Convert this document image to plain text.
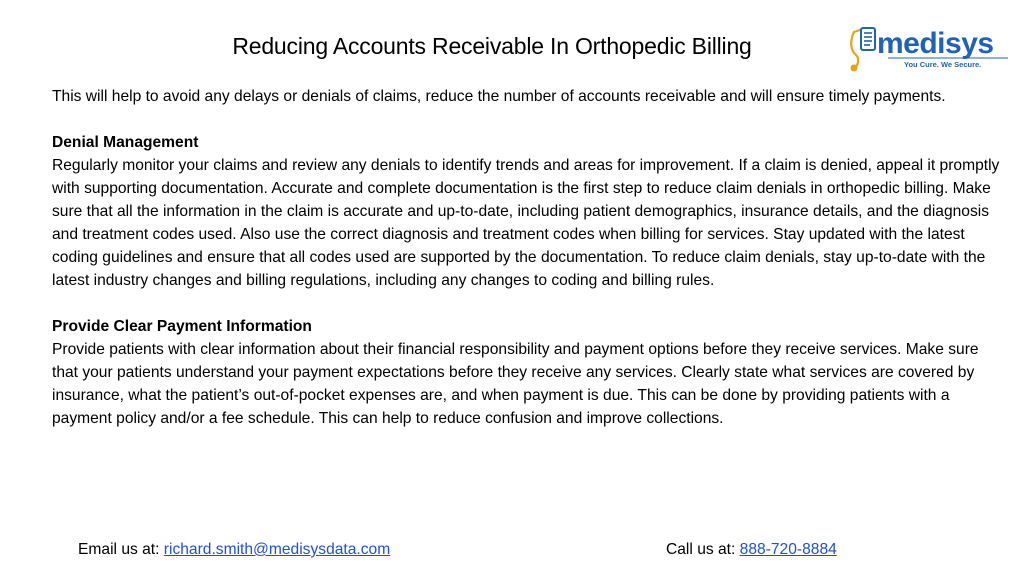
Reducing Accounts Receivable In Orthopedic Billing	medisys
You Cure. We Secure.

This will help to avoid any delays or denials of claims, reduce the number of accounts receivable and will ensure timely payments.

Denial Management

Regularly monitor your claims and review any denials to identify trends and areas for improvement. If a claim is denied, appeal it promptly with supporting documentation. Accurate and complete documentation is the first step to reduce claim denials in orthopedic billing. Make sure that all the information in the claim is accurate and up-to-date, including patient demographics, insurance details, and the diagnosis and treatment codes used. Also use the correct diagnosis and treatment codes when billing for services. Stay updated with the latest coding guidelines and ensure that all codes used are supported by the documentation. To reduce claim denials, stay up-to-date with the latest industry changes and billing regulations, including any changes to coding and billing rules.

Provide Clear Payment Information

Provide patients with clear information about their financial responsibility and payment options before they receive services. Make sure that your patients understand your payment expectations before they receive any services. Clearly state what services are covered by insurance, what the patient’s out-of-pocket expenses are, and when payment is due. This can be done by providing patients with a payment policy and/or a fee schedule. This can help to reduce confusion and improve collections.

Email us at: richard.smith@medisysdata.com	Call us at: 888-720-8884
